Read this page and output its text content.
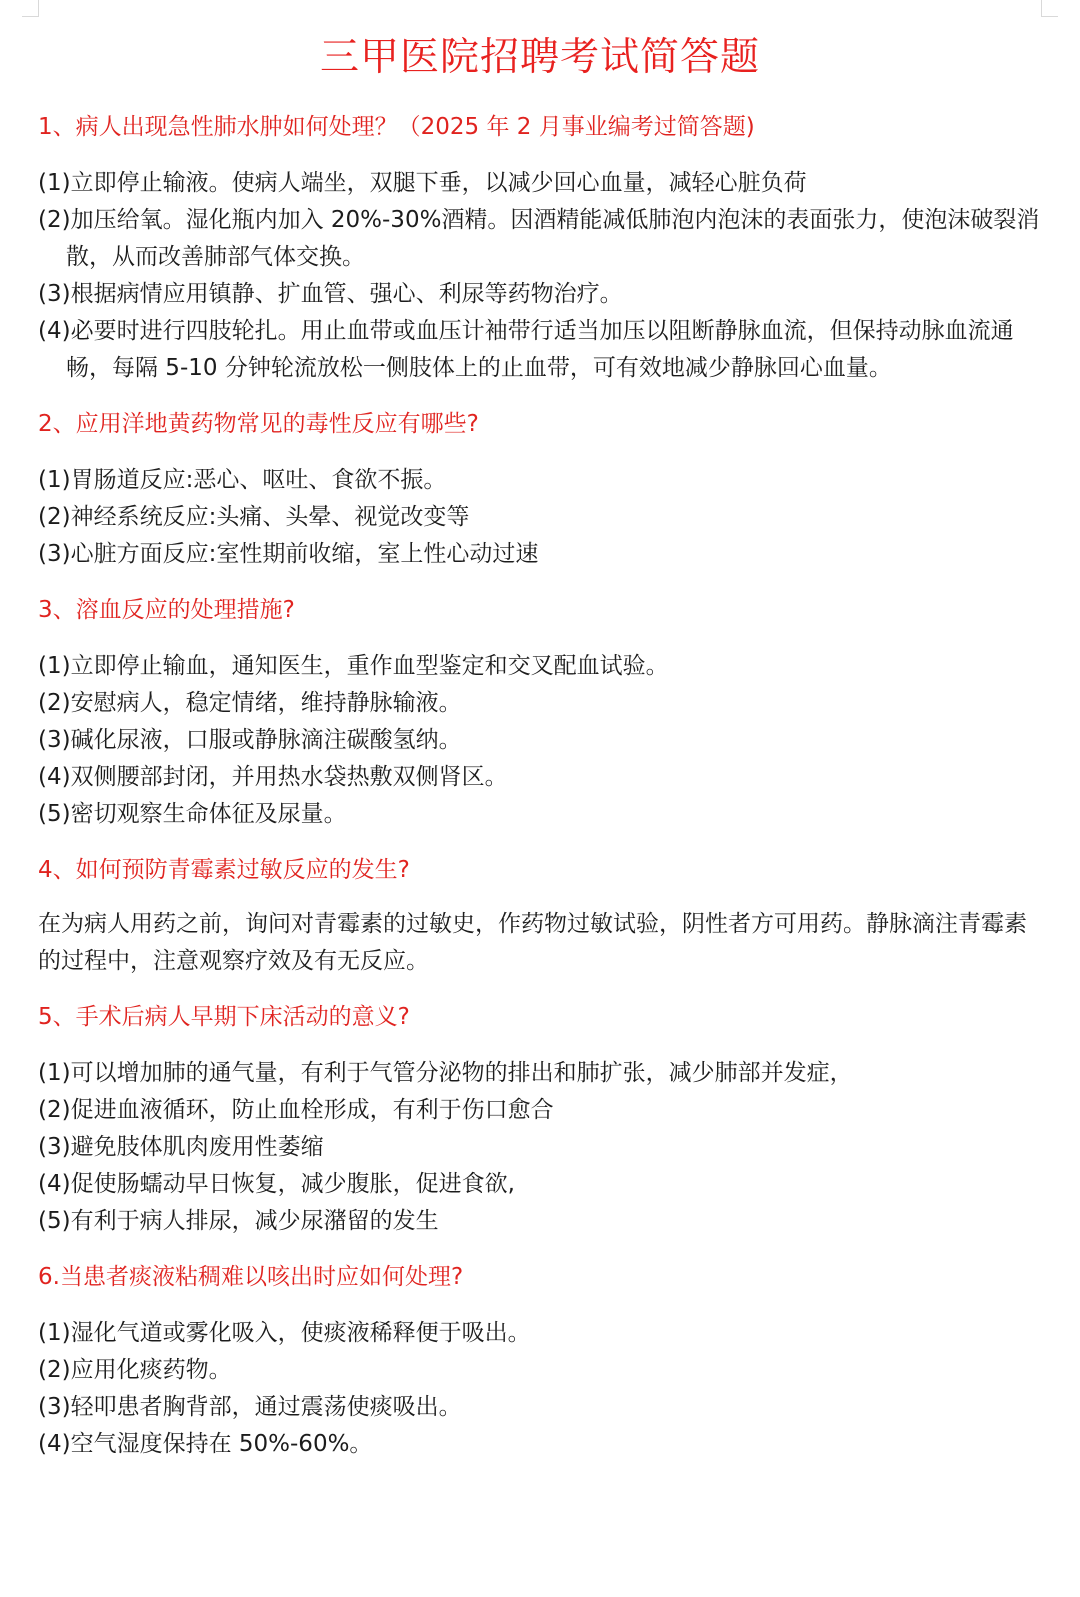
三甲医院招聘考试简答题

1、病人出现急性肺水肿如何处理？（2025 年 2 月事业编考过简答题)

(1)立即停止输液。使病人端坐，双腿下垂，以减少回心血量，减轻心脏负荷

(2)加压给氧。湿化瓶内加入 20%-30%酒精。因酒精能减低肺泡内泡沫的表面张力，使泡沫破裂消散，从而改善肺部气体交换。

(3)根据病情应用镇静、扩血管、强心、利尿等药物治疗。

(4)必要时进行四肢轮扎。用止血带或血压计袖带行适当加压以阻断静脉血流，但保持动脉血流通畅，每隔 5-10 分钟轮流放松一侧肢体上的止血带，可有效地减少静脉回心血量。

2、应用洋地黄药物常见的毒性反应有哪些?

(1)胃肠道反应:恶心、呕吐、食欲不振。

(2)神经系统反应:头痛、头晕、视觉改变等

(3)心脏方面反应:室性期前收缩，室上性心动过速

3、溶血反应的处理措施?

(1)立即停止输血，通知医生，重作血型鉴定和交叉配血试验。

(2)安慰病人，稳定情绪，维持静脉输液。

(3)碱化尿液，口服或静脉滴注碳酸氢纳。

(4)双侧腰部封闭，并用热水袋热敷双侧肾区。

(5)密切观察生命体征及尿量。

4、如何预防青霉素过敏反应的发生?

在为病人用药之前，询问对青霉素的过敏史，作药物过敏试验，阴性者方可用药。静脉滴注青霉素的过程中，注意观察疗效及有无反应。

5、手术后病人早期下床活动的意义?

(1)可以增加肺的通气量，有利于气管分泌物的排出和肺扩张，减少肺部并发症，

(2)促进血液循环，防止血栓形成，有利于伤口愈合

(3)避免肢体肌肉废用性萎缩

(4)促使肠蠕动早日恢复，减少腹胀，促进食欲,

(5)有利于病人排尿，减少尿潴留的发生

6.当患者痰液粘稠难以咳出时应如何处理?

(1)湿化气道或雾化吸入，使痰液稀释便于吸出。

(2)应用化痰药物。

(3)轻叩患者胸背部，通过震荡使痰吸出。

(4)空气湿度保持在 50%-60%。
